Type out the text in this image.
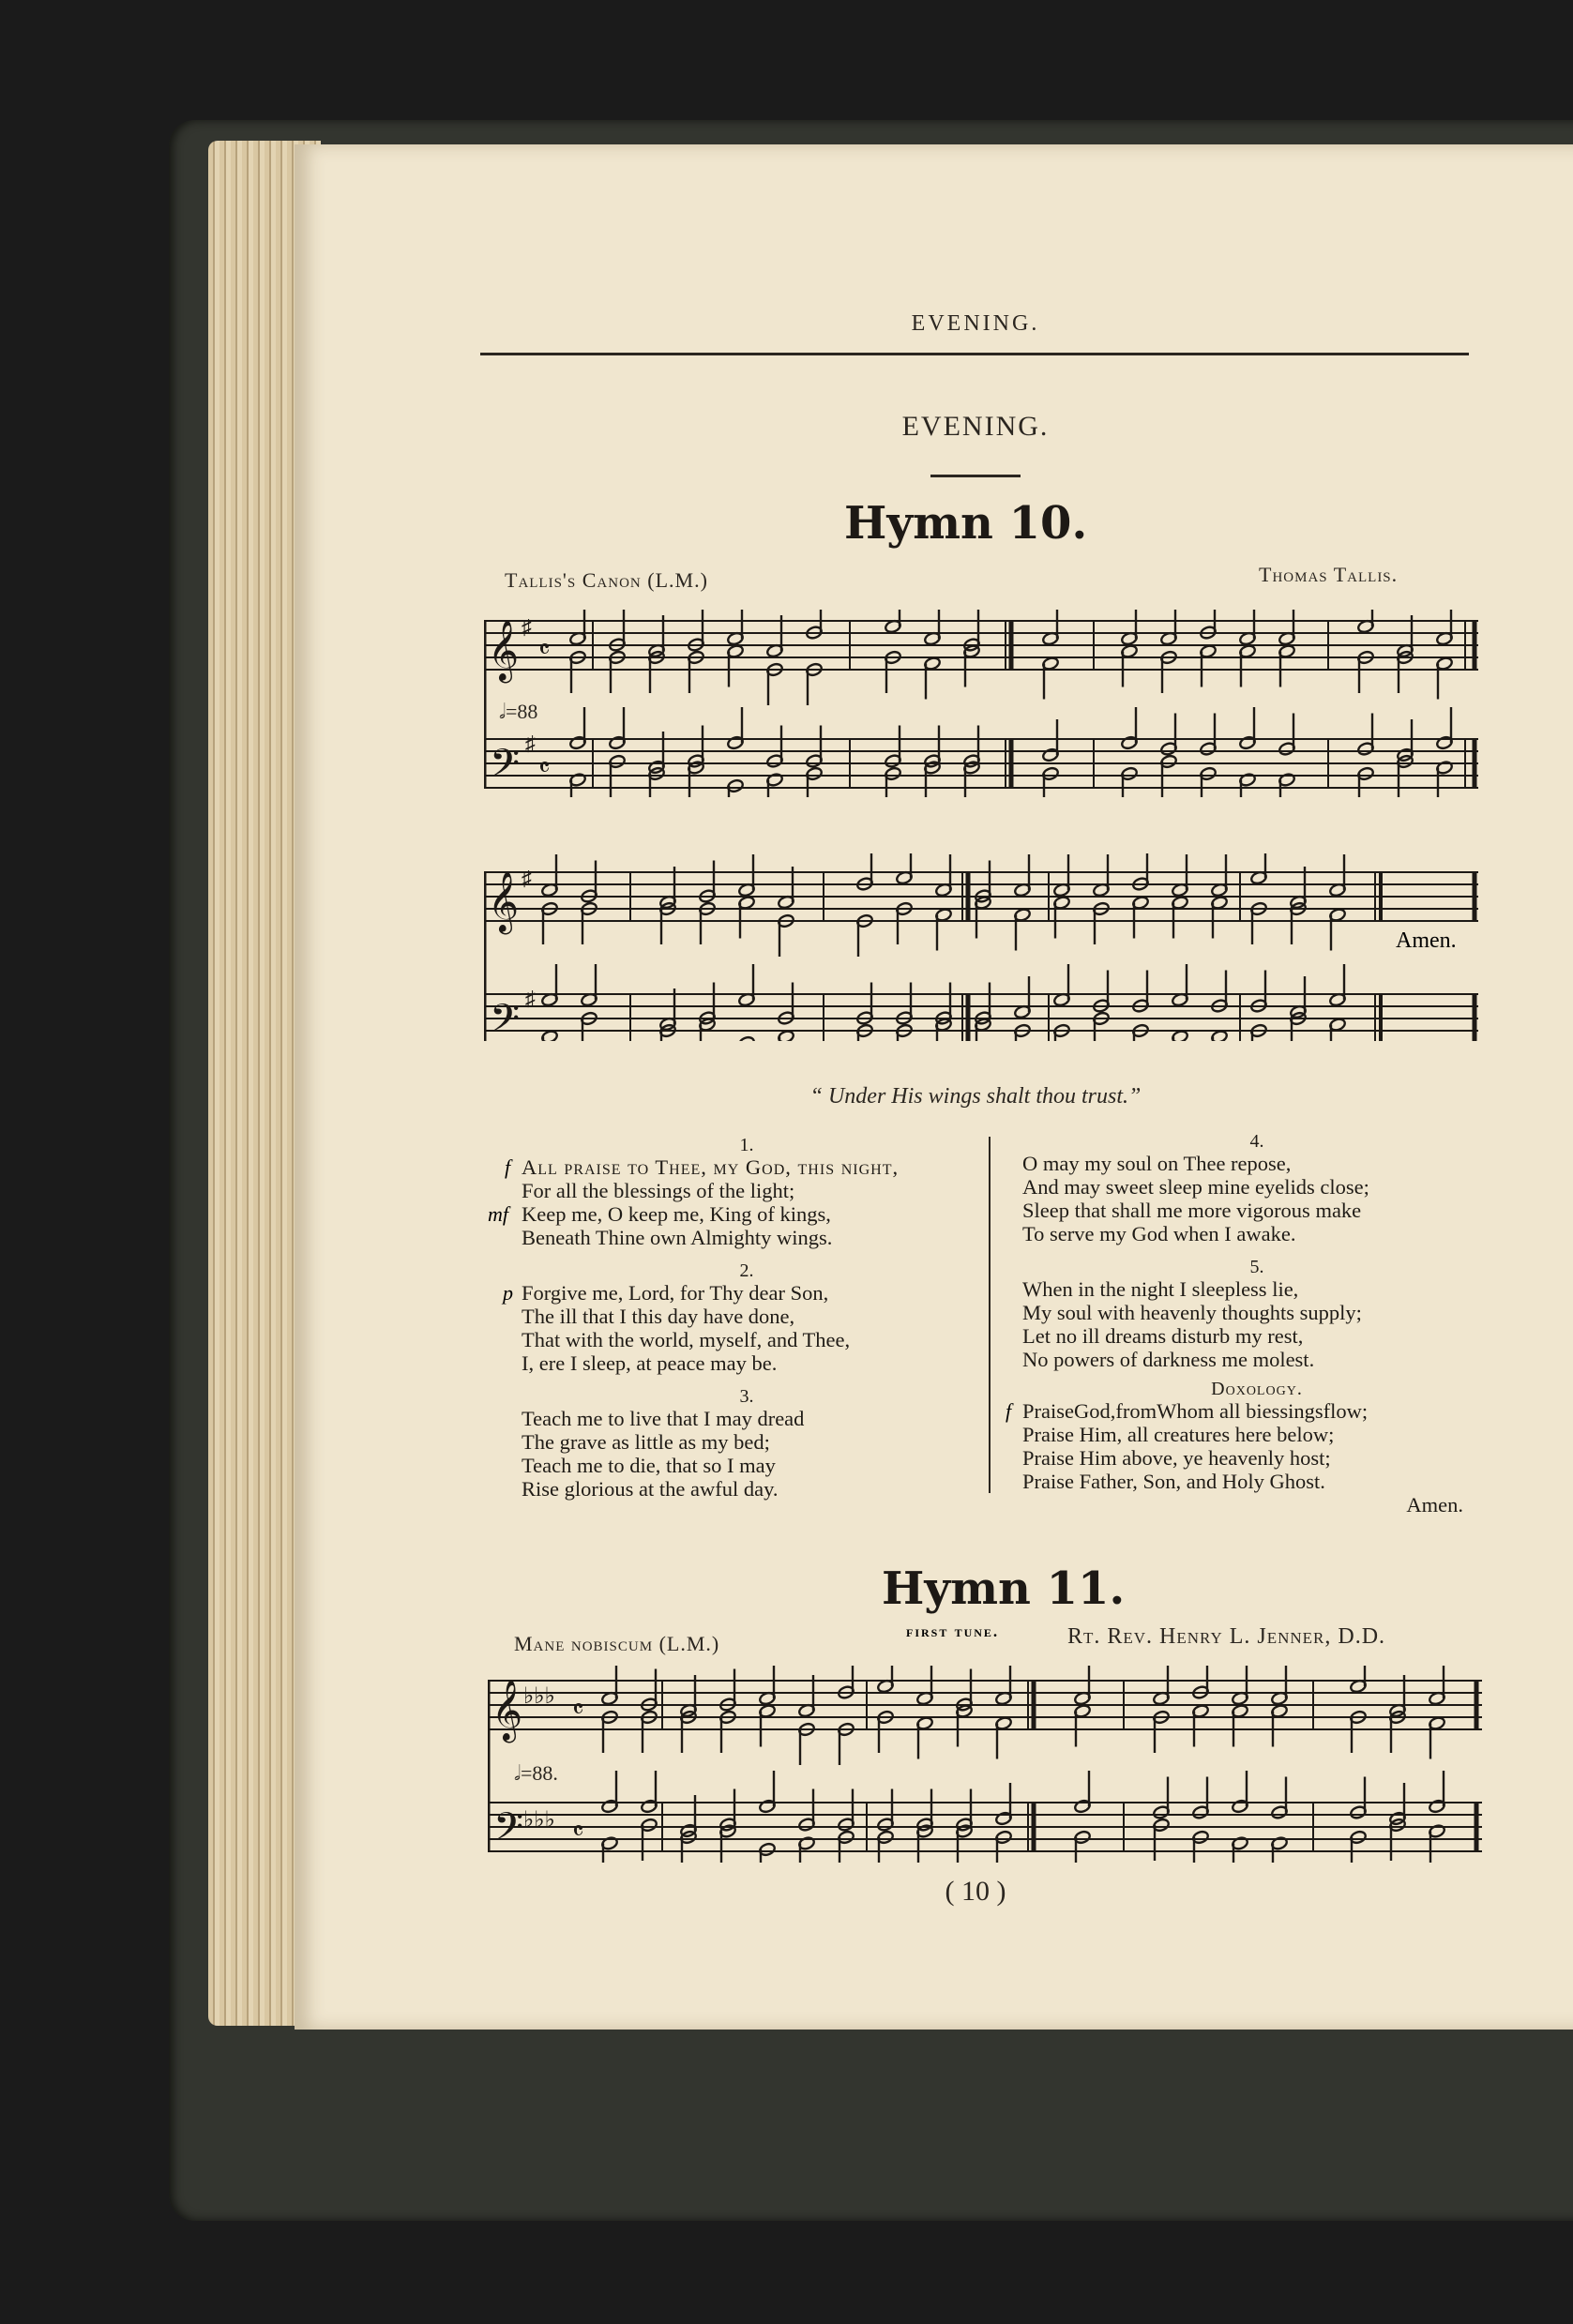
EVENING.
EVENING.
Hymn 10.
Tallis's Canon (L.M.)	Thomas Tallis.
𝄞
𝄢
𝄴
𝄴
♯
♯
𝅗𝅥=88
𝄞
𝄢
♯
♯
Amen.
“ Under His wings shalt thou trust.”
1.
All praise to Thee, my God, this night,
For all the blessings of the light;
Keep me, O keep me, King of kings,
Beneath Thine own Almighty wings.
f
mf
2.
Forgive me, Lord, for Thy dear Son,
The ill that I this day have done,
That with the world, myself, and Thee,
I, ere I sleep, at peace may be.
p
3.
Teach me to live that I may dread
The grave as little as my bed;
Teach me to die, that so I may
Rise glorious at the awful day.
4.
O may my soul on Thee repose,
And may sweet sleep mine eyelids close;
Sleep that shall me more vigorous make
To serve my God when I awake.
5.
When in the night I sleepless lie,
My soul with heavenly thoughts supply;
Let no ill dreams disturb my rest,
No powers of darkness me molest.
Doxology.
PraiseGod,fromWhom all biessingsflow;
Praise Him, all creatures here below;
Praise Him above, ye heavenly host;
Praise Father, Son, and Holy Ghost.
Amen.
f
Hymn 11.
Mane nobiscum (L.M.)
first tune.	Rt. Rev. Henry L. Jenner, D.D.
𝄞
𝄢
♭♭♭
♭♭♭
𝄴
𝄴
𝅗𝅥=88.
( 10 )
